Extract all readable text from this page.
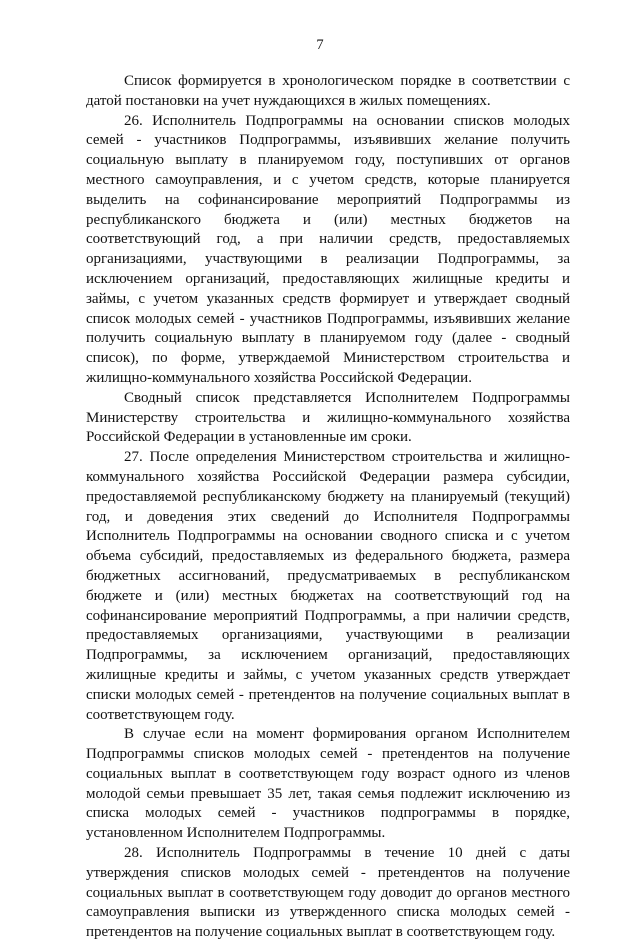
7

Список формируется в хронологическом порядке в соответствии с датой постановки на учет нуждающихся в жилых помещениях.

26. Исполнитель Подпрограммы на основании списков молодых семей - участников Подпрограммы, изъявивших желание получить социальную выплату в планируемом году, поступивших от органов местного самоуправления, и с учетом средств, которые планируется выделить на софинансирование мероприятий Подпрограммы из республиканского бюджета и (или) местных бюджетов на соответствующий год, а при наличии средств, предоставляемых организациями, участвующими в реализации Подпрограммы, за исключением организаций, предоставляющих жилищные кредиты и займы, с учетом указанных средств формирует и утверждает сводный список молодых семей - участников Подпрограммы, изъявивших желание получить социальную выплату в планируемом году (далее - сводный список), по форме, утверждаемой Министерством строительства и жилищно-коммунального хозяйства Российской Федерации.

Сводный список представляется Исполнителем Подпрограммы Министерству строительства и жилищно-коммунального хозяйства Российской Федерации в установленные им сроки.

27. После определения Министерством строительства и жилищно-коммунального хозяйства Российской Федерации размера субсидии, предоставляемой республиканскому бюджету на планируемый (текущий) год, и доведения этих сведений до Исполнителя Подпрограммы Исполнитель Подпрограммы на основании сводного списка и с учетом объема субсидий, предоставляемых из федерального бюджета, размера бюджетных ассигнований, предусматриваемых в республиканском бюджете и (или) местных бюджетах на соответствующий год на софинансирование мероприятий Подпрограммы, а при наличии средств, предоставляемых организациями, участвующими в реализации Подпрограммы, за исключением организаций, предоставляющих жилищные кредиты и займы, с учетом указанных средств утверждает списки молодых семей - претендентов на получение социальных выплат в соответствующем году.

В случае если на момент формирования органом Исполнителем Подпрограммы списков молодых семей - претендентов на получение социальных выплат в соответствующем году возраст одного из членов молодой семьи превышает 35 лет, такая семья подлежит исключению из списка молодых семей - участников подпрограммы в порядке, установленном Исполнителем Подпрограммы.

28. Исполнитель Подпрограммы в течение 10 дней с даты утверждения списков молодых семей - претендентов на получение социальных выплат в соответствующем году доводит до органов местного самоуправления выписки из утвержденного списка молодых семей - претендентов на получение социальных выплат в соответствующем году.
